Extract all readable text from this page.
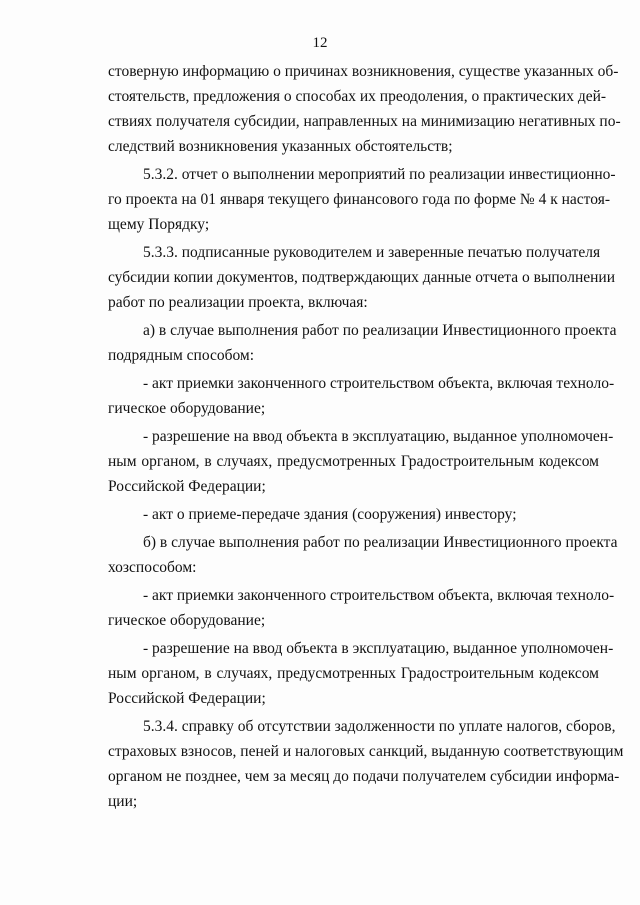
12
стоверную информацию о причинах возникновения, существе указанных об-
стоятельств, предложения о способах их преодоления, о практических дей-
ствиях получателя субсидии, направленных на минимизацию негативных по-
следствий возникновения указанных обстоятельств;
5.3.2. отчет о выполнении мероприятий по реализации инвестиционно-
го проекта на 01 января текущего финансового года по форме № 4 к настоя-
щему Порядку;
5.3.3. подписанные руководителем и заверенные печатью получателя
субсидии копии документов, подтверждающих данные отчета о выполнении
работ по реализации проекта, включая:
а) в случае выполнения работ по реализации Инвестиционного проекта
подрядным способом:
- акт приемки законченного строительством объекта, включая техноло-
гическое оборудование;
- разрешение на ввод объекта в эксплуатацию, выданное уполномочен-
ным органом, в случаях, предусмотренных Градостроительным кодексом
Российской Федерации;
- акт о приеме-передаче здания (сооружения) инвестору;
б) в случае выполнения работ по реализации Инвестиционного проекта
хозспособом:
- акт приемки законченного строительством объекта, включая техноло-
гическое оборудование;
- разрешение на ввод объекта в эксплуатацию, выданное уполномочен-
ным органом, в случаях, предусмотренных Градостроительным кодексом
Российской Федерации;
5.3.4. справку об отсутствии задолженности по уплате налогов, сборов,
страховых взносов, пеней и налоговых санкций, выданную соответствующим
органом не позднее, чем за месяц до подачи получателем субсидии информа-
ции;
